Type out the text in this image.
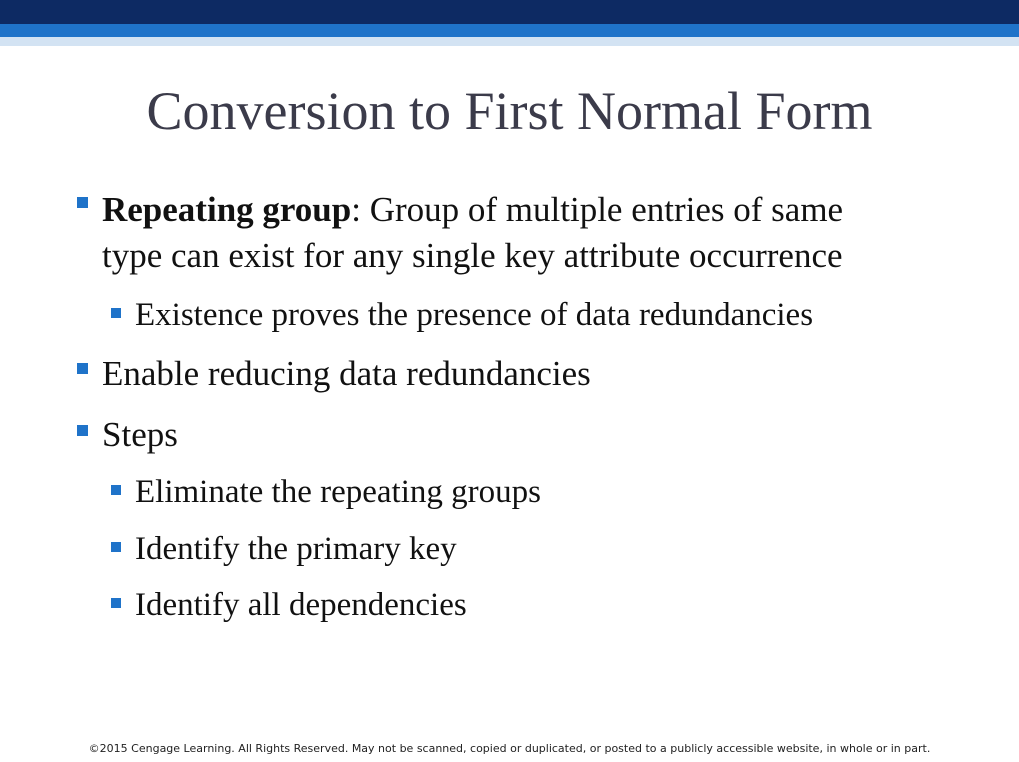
Conversion to First Normal Form
Repeating group: Group of multiple entries of same
type can exist for any single key attribute occurrence
Existence proves the presence of data redundancies
Enable reducing data redundancies
Steps
Eliminate the repeating groups
Identify the primary key
Identify all dependencies
©2015 Cengage Learning. All Rights Reserved. May not be scanned, copied or duplicated, or posted to a publicly accessible website, in whole or in part.
